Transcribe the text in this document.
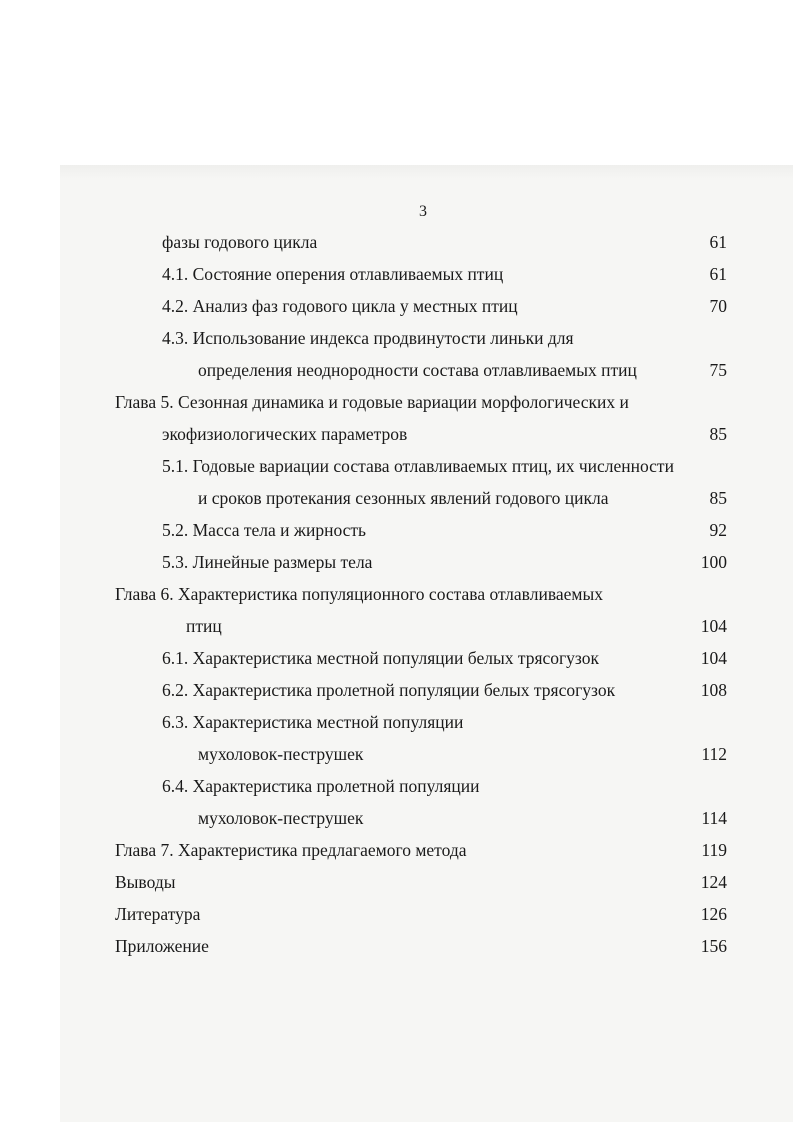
3
фазы годового цикла	61
4.1. Состояние оперения отлавливаемых птиц	61
4.2. Анализ фаз годового цикла у местных птиц	70
4.3. Использование индекса продвинутости линьки для
определения неоднородности состава отлавливаемых птиц	75
Глава 5. Сезонная динамика и годовые вариации морфологических и
экофизиологических параметров	85
5.1. Годовые вариации состава отлавливаемых птиц, их численности
и сроков протекания сезонных явлений годового цикла	85
5.2. Масса тела и жирность	92
5.3. Линейные размеры тела	100
Глава 6. Характеристика популяционного состава отлавливаемых
птиц	104
6.1. Характеристика местной популяции белых трясогузок	104
6.2. Характеристика пролетной популяции белых трясогузок	108
6.3. Характеристика местной популяции
мухоловок-пеструшек	112
6.4. Характеристика пролетной популяции
мухоловок-пеструшек	114
Глава 7. Характеристика предлагаемого метода	119
Выводы	124
Литература	126
Приложение	156
